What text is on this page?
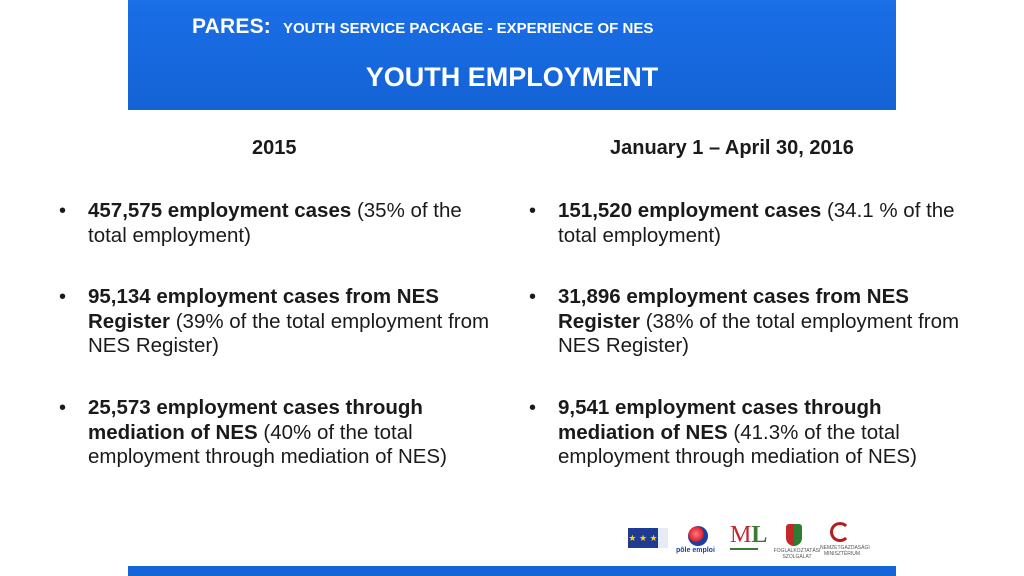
PARES: YOUTH SERVICE PACKAGE - EXPERIENCE OF NES
YOUTH EMPLOYMENT
2015	January 1 – April 30, 2016
• 457,575 employment cases (35% of the total employment)
• 95,134 employment cases from NES Register (39% of the total employment from NES Register)
• 25,573 employment cases through mediation of NES (40% of the total employment through mediation of NES)
• 151,520 employment cases (34.1 % of the total employment)
• 31,896 employment cases from NES Register (38% of the total employment from NES Register)
• 9,541 employment cases through mediation of NES (41.3% of the total employment through mediation of NES)
★ ★ ★
pôle emploi
ML
FOGLALKOZTATÁSI SZOLGÁLAT
NEMZETGAZDASÁGI MINISZTÉRIUM
